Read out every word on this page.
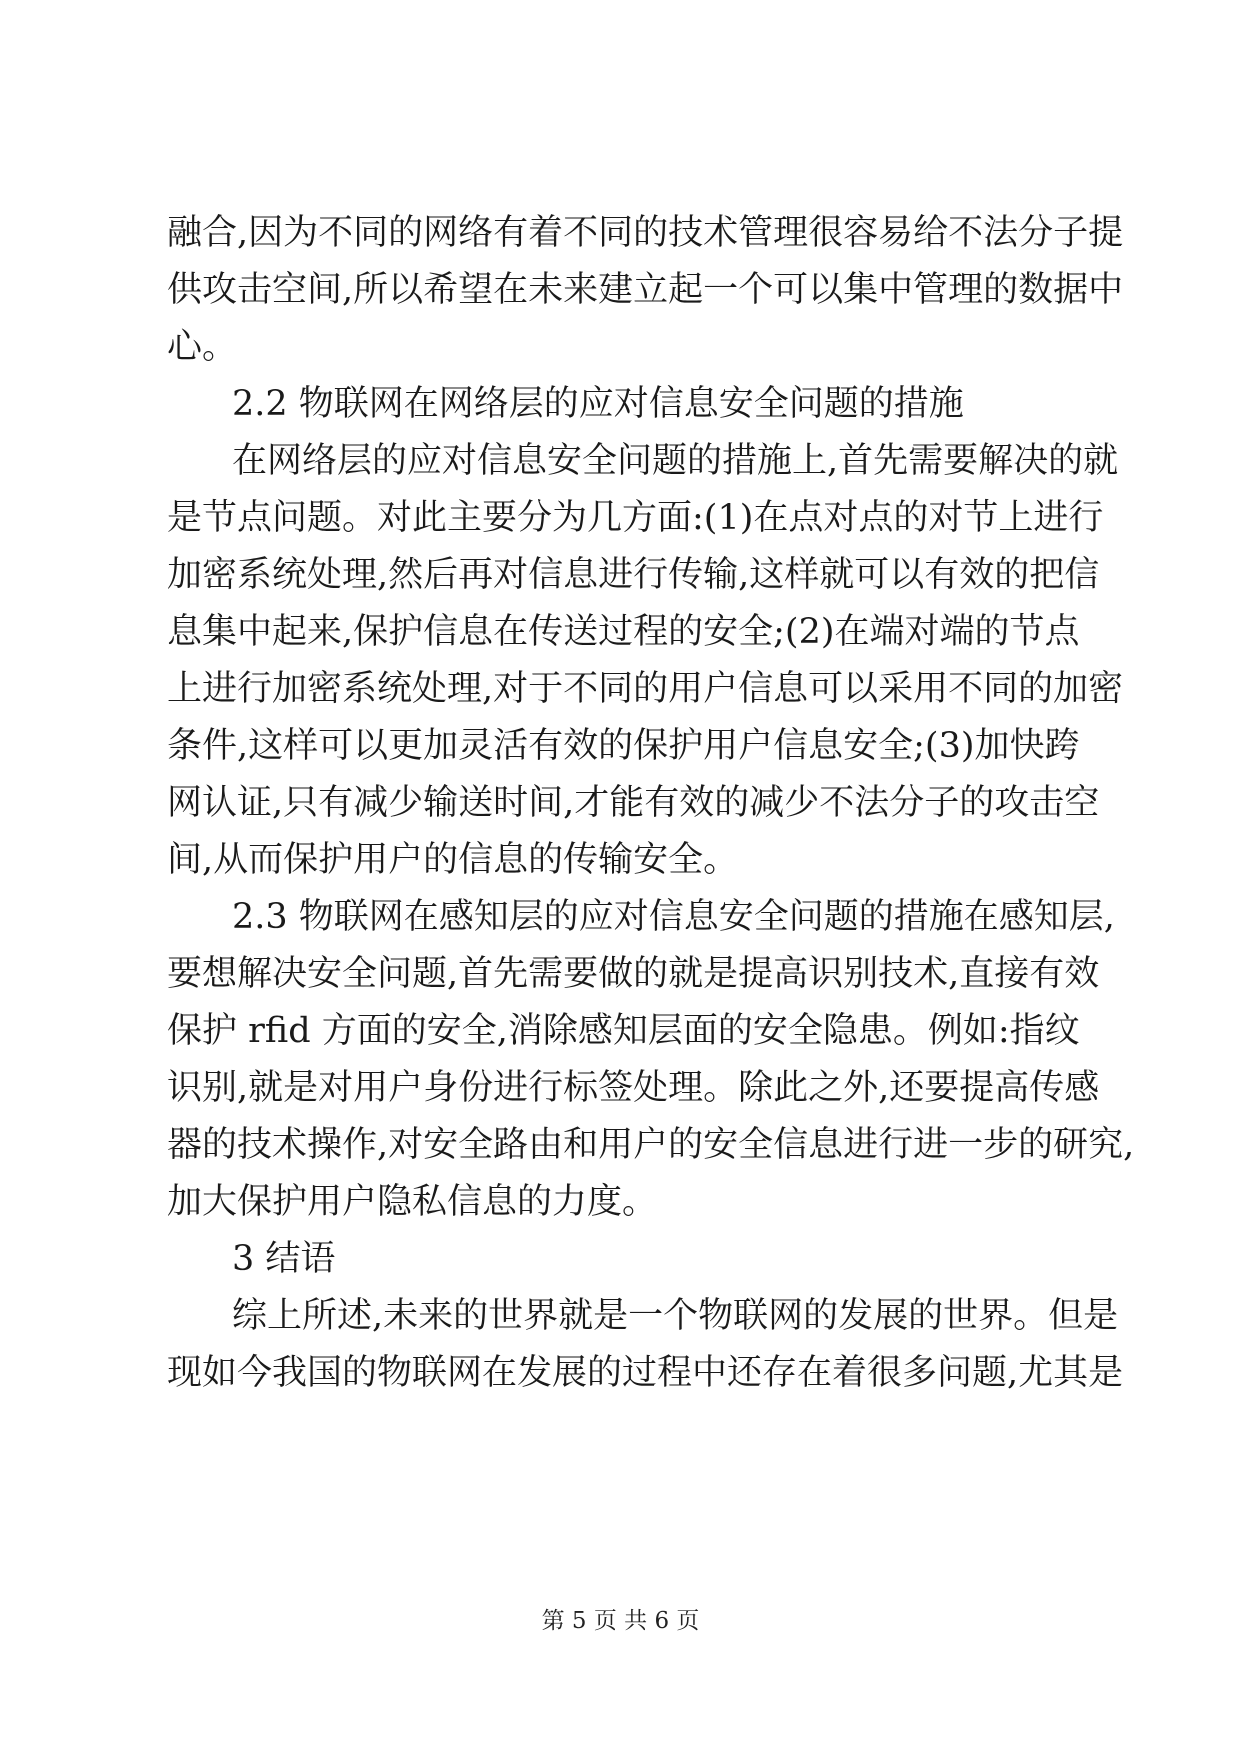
融合,因为不同的网络有着不同的技术管理很容易给不法分子提
供攻击空间,所以希望在未来建立起一个可以集中管理的数据中
心。
2.2 物联网在网络层的应对信息安全问题的措施
在网络层的应对信息安全问题的措施上,首先需要解决的就
是节点问题。对此主要分为几方面:(1)在点对点的对节上进行
加密系统处理,然后再对信息进行传输,这样就可以有效的把信
息集中起来,保护信息在传送过程的安全;(2)在端对端的节点
上进行加密系统处理,对于不同的用户信息可以采用不同的加密
条件,这样可以更加灵活有效的保护用户信息安全;(3)加快跨
网认证,只有减少输送时间,才能有效的减少不法分子的攻击空
间,从而保护用户的信息的传输安全。
2.3 物联网在感知层的应对信息安全问题的措施在感知层,
要想解决安全问题,首先需要做的就是提高识别技术,直接有效
保护 rfid 方面的安全,消除感知层面的安全隐患。例如:指纹
识别,就是对用户身份进行标签处理。除此之外,还要提高传感
器的技术操作,对安全路由和用户的安全信息进行进一步的研究,
加大保护用户隐私信息的力度。
3 结语
综上所述,未来的世界就是一个物联网的发展的世界。但是
现如今我国的物联网在发展的过程中还存在着很多问题,尤其是
第 5 页 共 6 页
